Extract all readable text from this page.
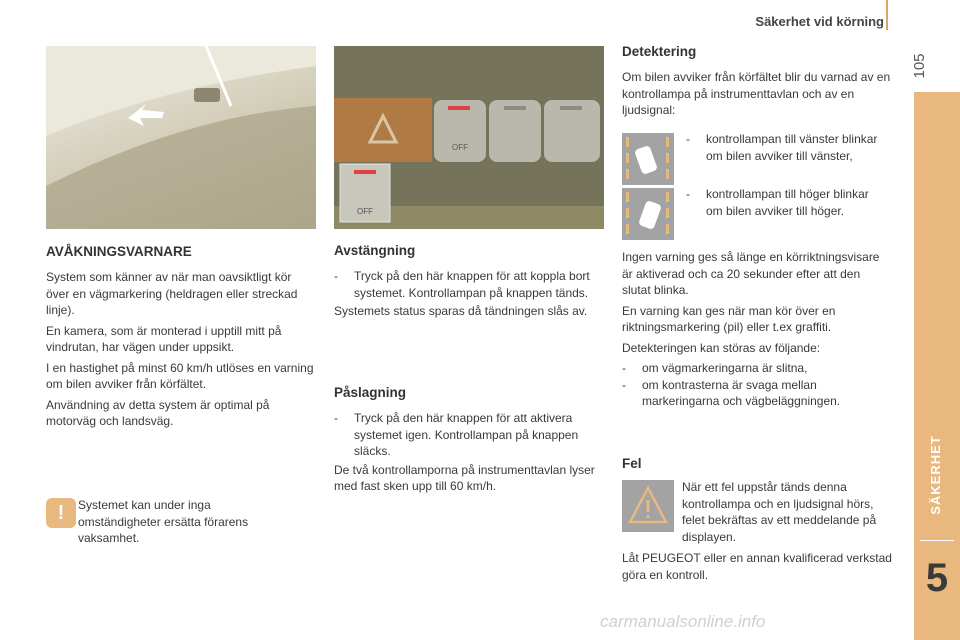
Säkerhet vid körning
105
SÄKERHET
5
OFF
OFF
AVÅKNINGSVARNARE

System som känner av när man oavsiktligt kör över en vägmarkering (heldragen eller streckad linje).

En kamera, som är monterad i upptill mitt på vindrutan, har vägen under uppsikt.

I en hastighet på minst 60 km/h utlöses en varning om bilen avviker från körfältet.

Användning av detta system är optimal på motorväg och landsväg.

!	Systemet kan under inga omständigheter ersätta förarens vaksamhet.
Avstängning
-	Tryck på den här knappen för att koppla bort systemet. Kontrollampan på knappen tänds.

Systemets status sparas då tändningen slås av.

Påslagning
-	Tryck på den här knappen för att aktivera systemet igen. Kontrollampan på knappen släcks.

De två kontrollamporna på instrumenttavlan lyser med fast sken upp till 60 km/h.

Detektering
Om bilen avviker från körfältet blir du varnad av en kontrollampa på instrumenttavlan och av en ljudsignal:
-	kontrollampan till vänster blinkar om bilen avviker till vänster,
-	kontrollampan till höger blinkar om bilen avviker till höger.

Ingen varning ges så länge en körriktningsvisare är aktiverad och ca 20 sekunder efter att den slutat blinka.

En varning kan ges när man kör över en riktningsmarkering (pil) eller t.ex graffiti.

Detekteringen kan störas av följande:

-	om vägmarkeringarna är slitna,
-	om kontrasterna är svaga mellan markeringarna och vägbeläggningen.
Fel
När ett fel uppstår tänds denna kontrollampa och en ljudsignal hörs, felet bekräftas av ett meddelande på displayen.
Låt PEUGEOT eller en annan kvalificerad verkstad göra en kontroll.
carmanualsonline.info
